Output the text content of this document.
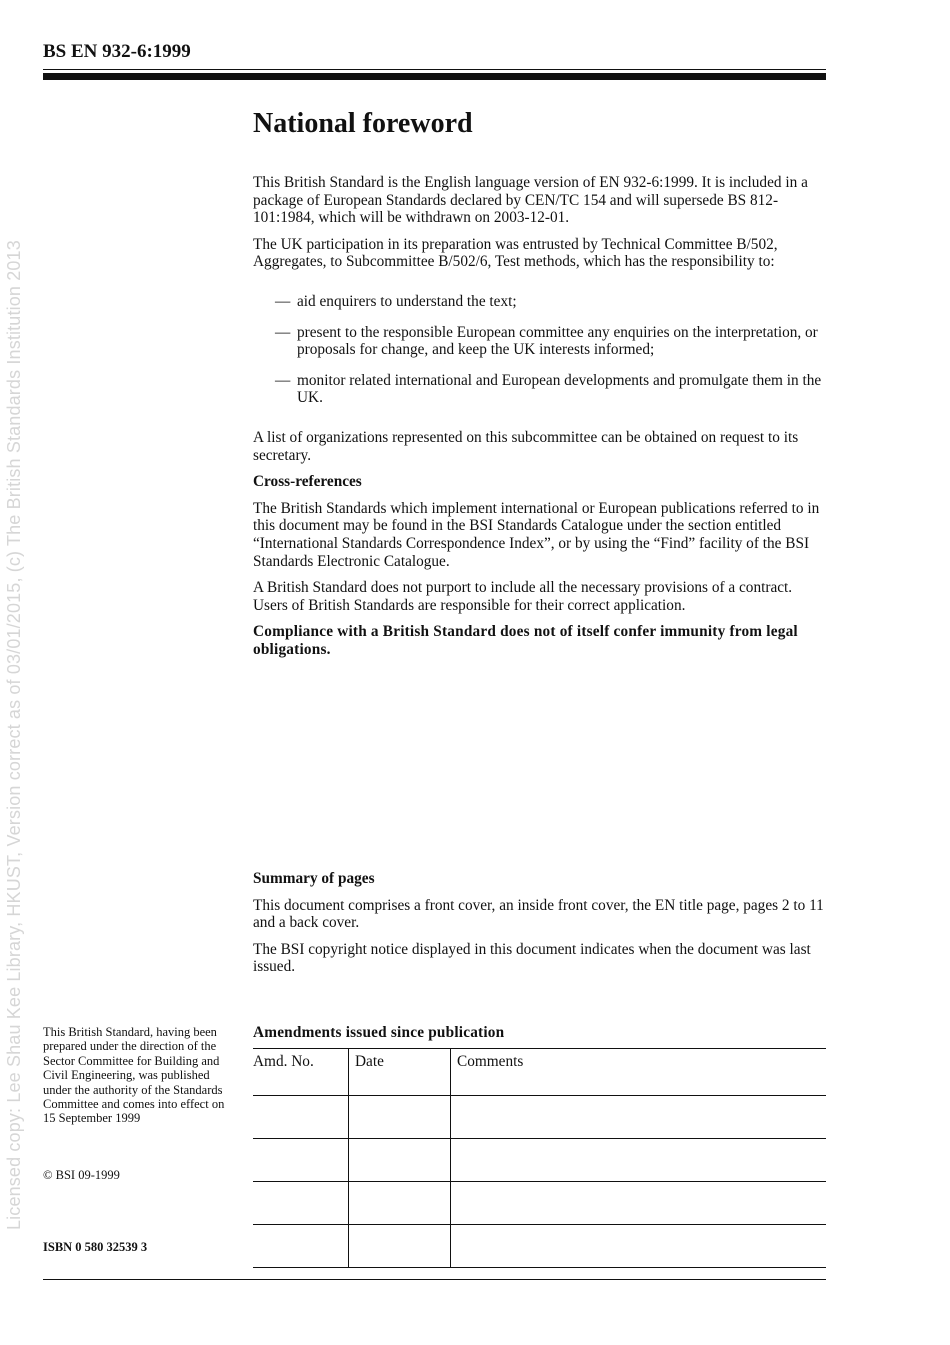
BS EN 932-6:1999
Licensed copy: Lee Shau Kee Library, HKUST, Version correct as of 03/01/2015, (c) The British Standards Institution 2013
National foreword

This British Standard is the English language version of EN 932-6:1999. It is included in a package of European Standards declared by CEN/TC 154 and will supersede BS 812-101:1984, which will be withdrawn on 2003-12-01.

The UK participation in its preparation was entrusted by Technical Committee B/502, Aggregates, to Subcommittee B/502/6, Test methods, which has the responsibility to:

— aid enquirers to understand the text;
— present to the responsible European committee any enquiries on the interpretation, or proposals for change, and keep the UK interests informed;
— monitor related international and European developments and promulgate them in the UK.

A list of organizations represented on this subcommittee can be obtained on request to its secretary.

Cross-references

The British Standards which implement international or European publications referred to in this document may be found in the BSI Standards Catalogue under the section entitled “International Standards Correspondence Index”, or by using the “Find” facility of the BSI Standards Electronic Catalogue.

A British Standard does not purport to include all the necessary provisions of a contract. Users of British Standards are responsible for their correct application.

Compliance with a British Standard does not of itself confer immunity from legal obligations.

Summary of pages

This document comprises a front cover, an inside front cover, the EN title page, pages 2 to 11 and a back cover.

The BSI copyright notice displayed in this document indicates when the document was last issued.

This British Standard, having been prepared under the direction of the Sector Committee for Building and Civil Engineering, was published under the authority of the Standards Committee and comes into effect on 15 September 1999
© BSI 09-1999
ISBN 0 580 32539 3
Amendments issued since publication
Amd. No.	Date	Comments
